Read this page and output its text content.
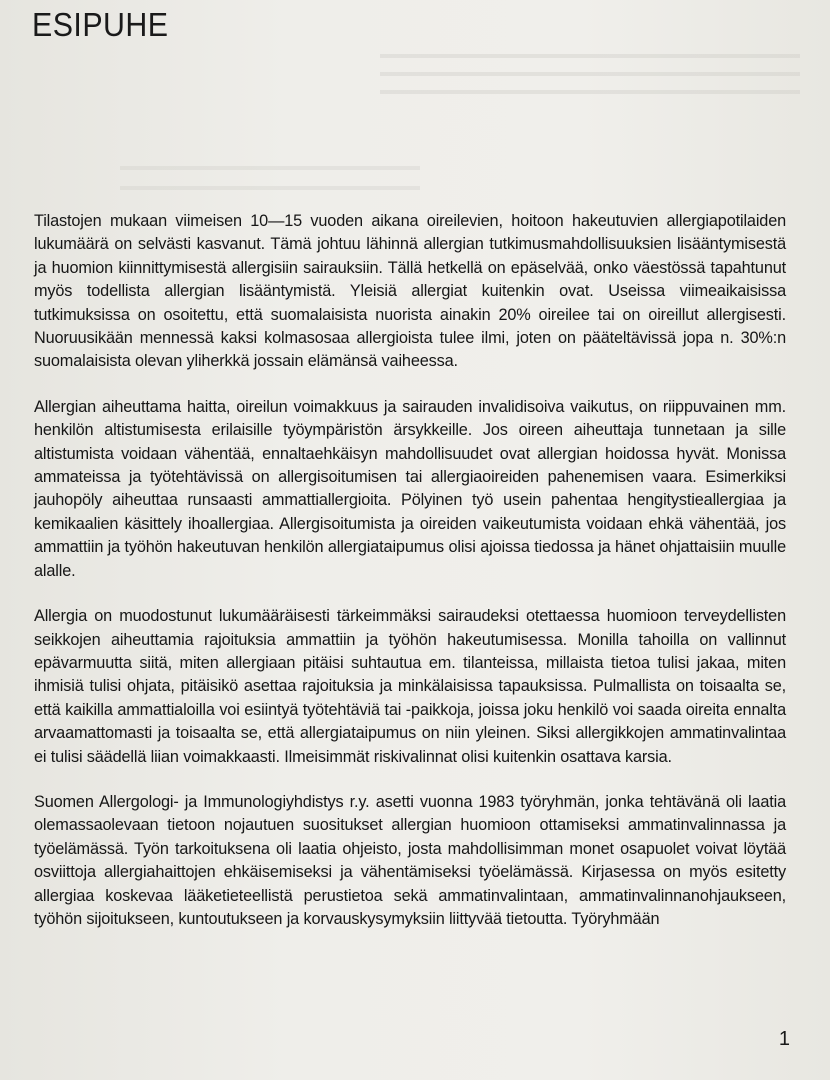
ESIPUHE

Tilastojen mukaan viimeisen 10—15 vuoden aikana oireilevien, hoitoon hakeutuvien allergiapotilaiden lukumäärä on selvästi kasvanut. Tämä johtuu lähinnä allergian tutkimusmahdollisuuksien lisääntymisestä ja huomion kiinnittymisestä allergisiin sairauksiin. Tällä hetkellä on epäselvää, onko väestössä tapahtunut myös todellista allergian lisääntymistä. Yleisiä allergiat kuitenkin ovat. Useissa viimeaikaisissa tutkimuksissa on osoitettu, että suomalaisista nuorista ainakin 20% oireilee tai on oireillut allergisesti. Nuoruusikään mennessä kaksi kolmasosaa allergioista tulee ilmi, joten on pääteltävissä jopa n. 30%:n suomalaisista olevan yliherkkä jossain elämänsä vaiheessa.

Allergian aiheuttama haitta, oireilun voimakkuus ja sairauden invalidisoiva vaikutus, on riippuvainen mm. henkilön altistumisesta erilaisille työympäristön ärsykkeille. Jos oireen aiheuttaja tunnetaan ja sille altistumista voidaan vähentää, ennaltaehkäisyn mahdollisuudet ovat allergian hoidossa hyvät. Monissa ammateissa ja työtehtävissä on allergisoitumisen tai allergiaoireiden pahenemisen vaara. Esimerkiksi jauhopöly aiheuttaa runsaasti ammattiallergioita. Pölyinen työ usein pahentaa hengitystieallergiaa ja kemikaalien käsittely ihoallergiaa. Allergisoitumista ja oireiden vaikeutumista voidaan ehkä vähentää, jos ammattiin ja työhön hakeutuvan henkilön allergiataipumus olisi ajoissa tiedossa ja hänet ohjattaisiin muulle alalle.

Allergia on muodostunut lukumääräisesti tärkeimmäksi sairaudeksi otettaessa huomioon terveydellisten seikkojen aiheuttamia rajoituksia ammattiin ja työhön hakeutumisessa. Monilla tahoilla on vallinnut epävarmuutta siitä, miten allergiaan pitäisi suhtautua em. tilanteissa, millaista tietoa tulisi jakaa, miten ihmisiä tulisi ohjata, pitäisikö asettaa rajoituksia ja minkälaisissa tapauksissa. Pulmallista on toisaalta se, että kaikilla ammattialoilla voi esiintyä työtehtäviä tai -paikkoja, joissa joku henkilö voi saada oireita ennalta arvaamattomasti ja toisaalta se, että allergiataipumus on niin yleinen. Siksi allergikkojen ammatinvalintaa ei tulisi säädellä liian voimakkaasti. Ilmeisimmät riskivalinnat olisi kuitenkin osattava karsia.

Suomen Allergologi- ja Immunologiyhdistys r.y. asetti vuonna 1983 työryhmän, jonka tehtävänä oli laatia olemassaolevaan tietoon nojautuen suositukset allergian huomioon ottamiseksi ammatinvalinnassa ja työelämässä. Työn tarkoituksena oli laatia ohjeisto, josta mahdollisimman monet osapuolet voivat löytää osviittoja allergiahaittojen ehkäisemiseksi ja vähentämiseksi työelämässä. Kirjasessa on myös esitetty allergiaa koskevaa lääketieteellistä perustietoa sekä ammatinvalintaan, ammatinvalinnanohjaukseen, työhön sijoitukseen, kuntoutukseen ja korvauskysymyksiin liittyvää tietoutta. Työryhmään

1
